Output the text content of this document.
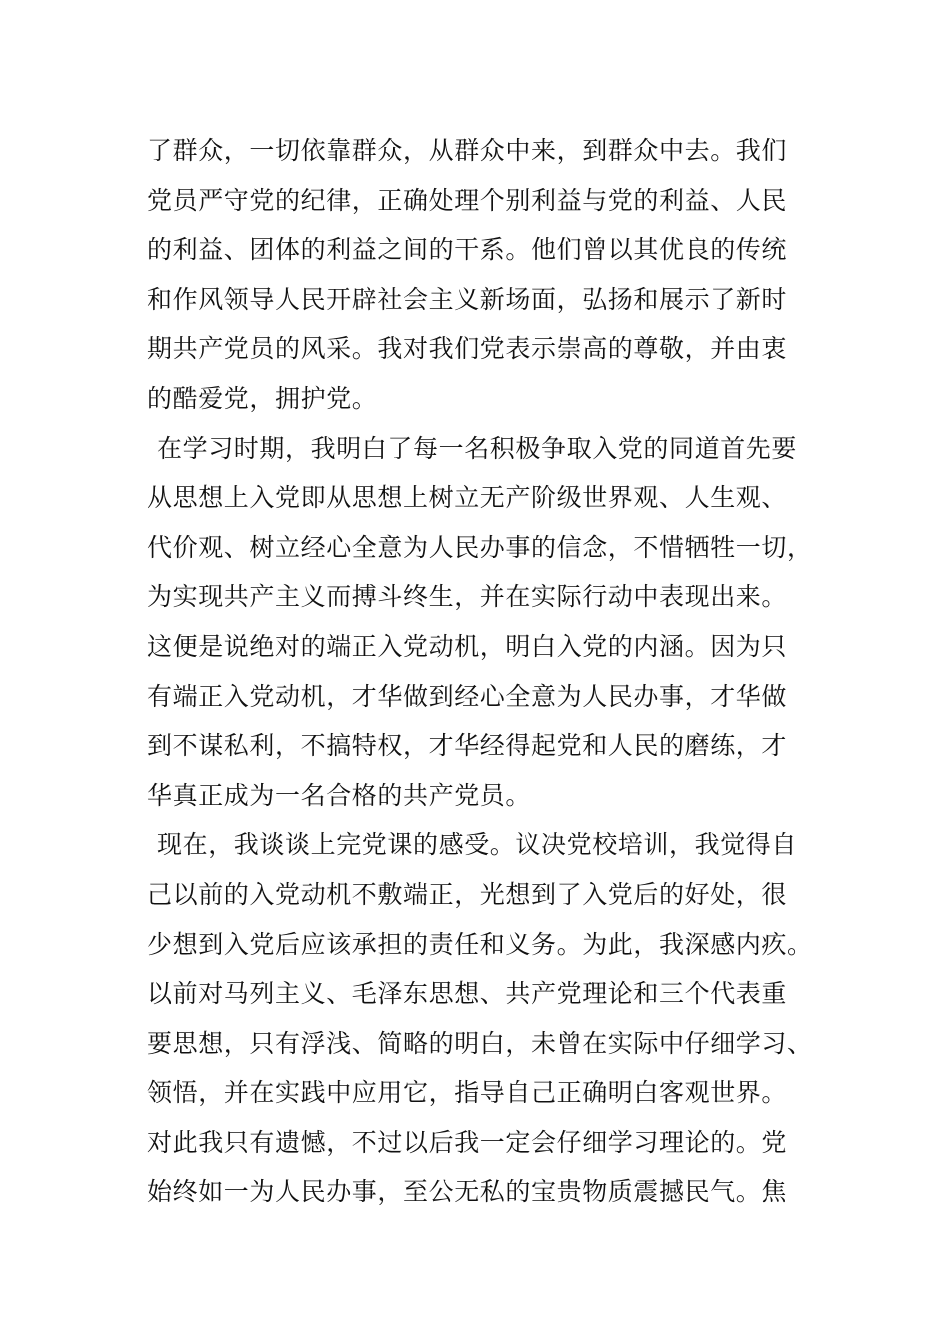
了群众，一切依靠群众，从群众中来，到群众中去。我们
党员严守党的纪律，正确处理个别利益与党的利益、人民
的利益、团体的利益之间的干系。他们曾以其优良的传统
和作风领导人民开辟社会主义新场面，弘扬和展示了新时
期共产党员的风采。我对我们党表示崇高的尊敬，并由衷
的酷爱党，拥护党。
在学习时期，我明白了每一名积极争取入党的同道首先要
从思想上入党即从思想上树立无产阶级世界观、人生观、
代价观、树立经心全意为人民办事的信念，不惜牺牲一切，
为实现共产主义而搏斗终生，并在实际行动中表现出来。
这便是说绝对的端正入党动机，明白入党的内涵。因为只
有端正入党动机，才华做到经心全意为人民办事，才华做
到不谋私利，不搞特权，才华经得起党和人民的磨练，才
华真正成为一名合格的共产党员。
现在，我谈谈上完党课的感受。议决党校培训，我觉得自
己以前的入党动机不敷端正，光想到了入党后的好处，很
少想到入党后应该承担的责任和义务。为此，我深感内疚。
以前对马列主义、毛泽东思想、共产党理论和三个代表重
要思想，只有浮浅、简略的明白，未曾在实际中仔细学习、
领悟，并在实践中应用它，指导自己正确明白客观世界。
对此我只有遗憾，不过以后我一定会仔细学习理论的。党
始终如一为人民办事，至公无私的宝贵物质震撼民气。焦
